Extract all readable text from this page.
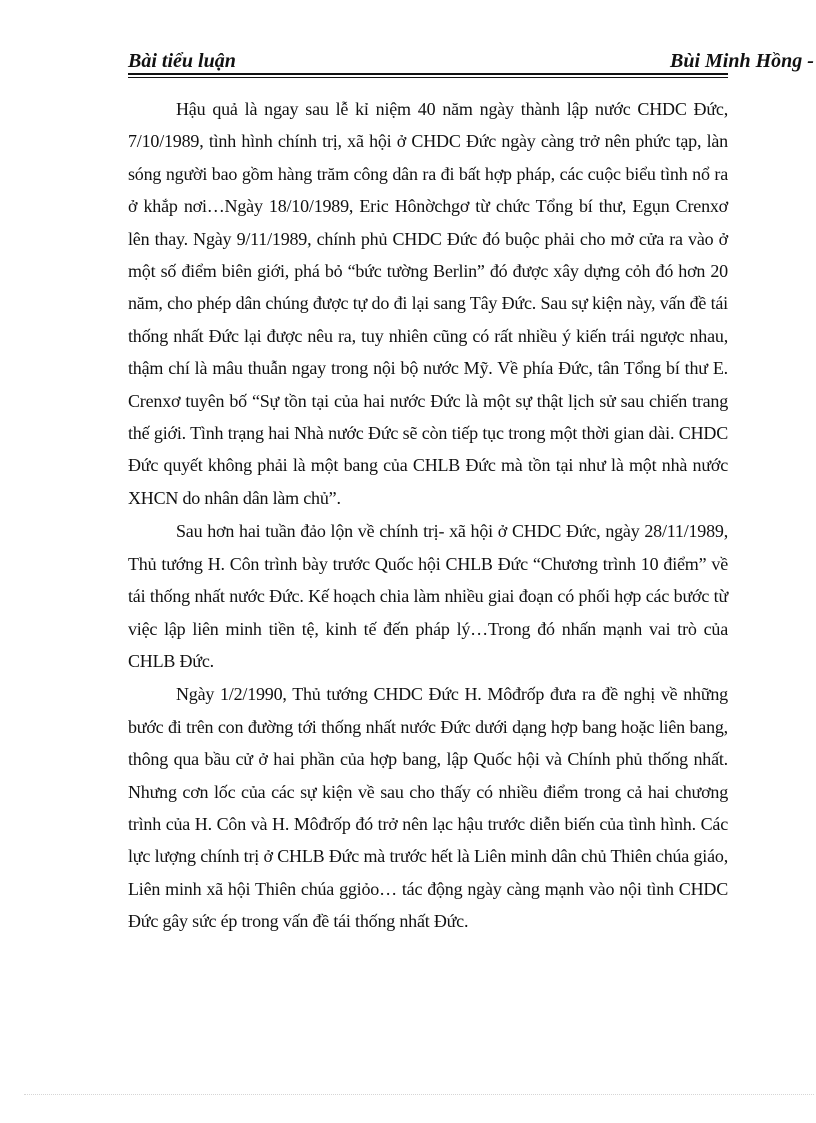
Bài tiểu luận	Bùi Minh Hồng -

Hậu quả là ngay sau lễ kỉ niệm 40 năm ngày thành lập nước CHDC Đức, 7/10/1989, tình hình chính trị, xã hội ở CHDC Đức ngày càng trở nên phức tạp, làn sóng người bao gồm hàng trăm công dân ra đi bất hợp pháp, các cuộc biểu tình nổ ra ở khắp nơi…Ngày 18/10/1989, Eric Hônờchgơ từ chức Tổng bí thư, Egụn Crenxơ lên thay. Ngày 9/11/1989, chính phủ CHDC Đức đó buộc phải cho mở cửa ra vào ở một số điểm biên giới, phá bỏ “bức tường Berlin” đó được xây dựng cỏh đó hơn 20 năm, cho phép dân chúng được tự do đi lại sang Tây Đức. Sau sự kiện này, vấn đề tái thống nhất Đức lại được nêu ra, tuy nhiên cũng có rất nhiều ý kiến trái ngược nhau, thậm chí là mâu thuẫn ngay trong nội bộ nước Mỹ. Về phía Đức, tân Tổng bí thư E. Crenxơ tuyên bố “Sự tồn tại của hai nước Đức là một sự thật lịch sử sau chiến trang thế giới. Tình trạng hai Nhà nước Đức sẽ còn tiếp tục trong một thời gian dài. CHDC Đức quyết không phải là một bang của CHLB Đức mà tồn tại như là một nhà nước XHCN do nhân dân làm chủ”.

Sau hơn hai tuần đảo lộn về chính trị- xã hội ở CHDC Đức, ngày 28/11/1989, Thủ tướng H. Côn trình bày trước Quốc hội CHLB Đức “Chương trình 10 điểm” về tái thống nhất nước Đức. Kế hoạch chia làm nhiều giai đoạn có phối hợp các bước từ việc lập liên minh tiền tệ, kinh tế đến pháp lý…Trong đó nhấn mạnh vai trò của CHLB Đức.

Ngày 1/2/1990, Thủ tướng CHDC Đức H. Môđrốp đưa ra đề nghị về những bước đi trên con đường tới thống nhất nước Đức dưới dạng hợp bang hoặc liên bang, thông qua bầu cử ở hai phần của hợp bang, lập Quốc hội và Chính phủ thống nhất. Nhưng cơn lốc của các sự kiện về sau cho thấy có nhiều điểm trong cả hai chương trình của H. Côn và H. Môđrốp đó trở nên lạc hậu trước diễn biến của tình hình. Các lực lượng chính trị ở CHLB Đức mà trước hết là Liên minh dân chủ Thiên chúa giáo, Liên minh xã hội Thiên chúa ggiỏo… tác động ngày càng mạnh vào nội tình CHDC Đức gây sức ép trong vấn đề tái thống nhất Đức.
